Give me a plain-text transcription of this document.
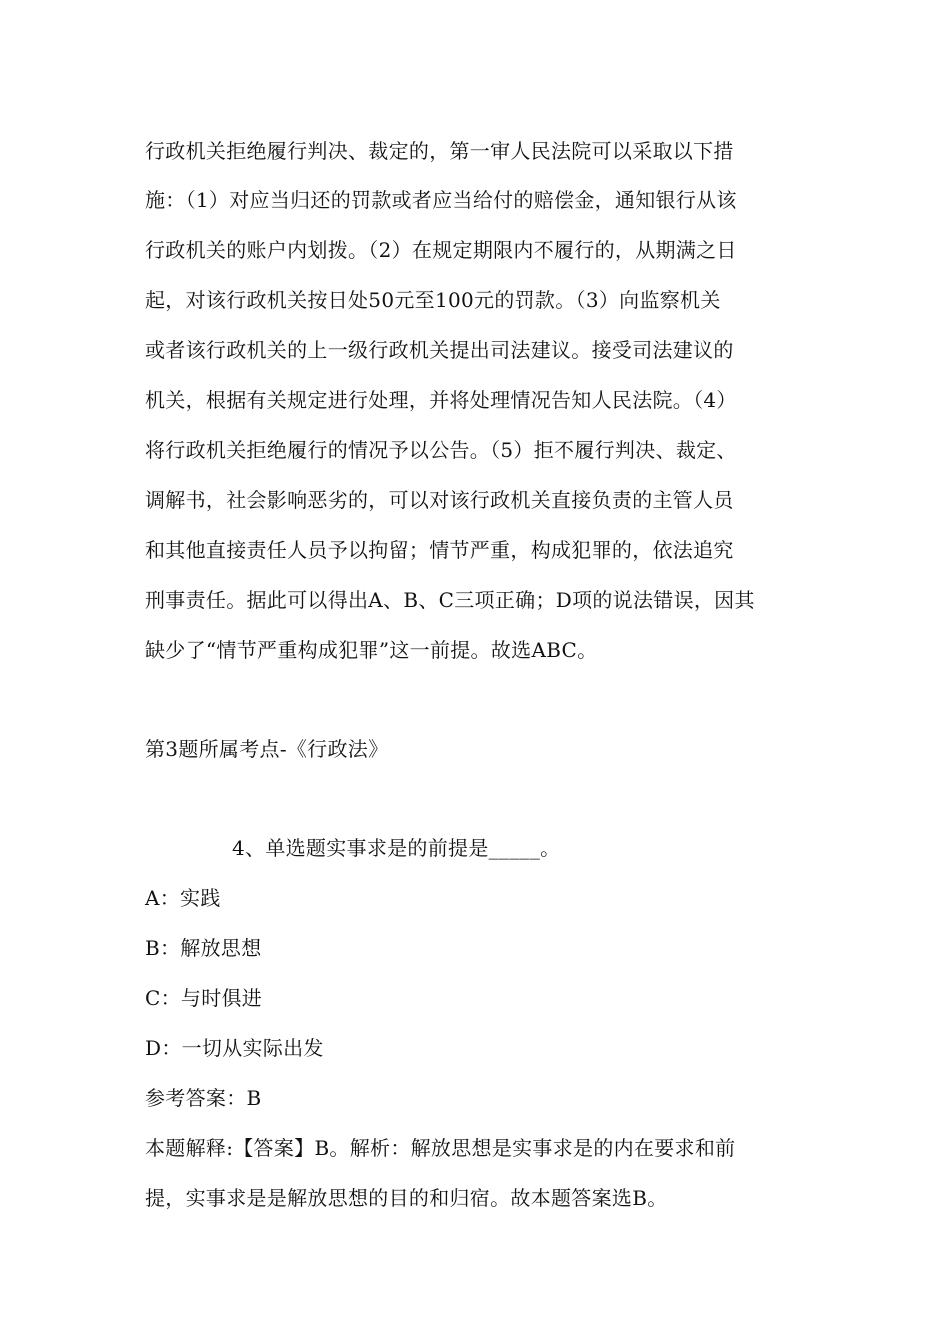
行政机关拒绝履行判决、裁定的，第一审人民法院可以采取以下措
施：（1）对应当归还的罚款或者应当给付的赔偿金，通知银行从该
行政机关的账户内划拨。（2）在规定期限内不履行的，从期满之日
起，对该行政机关按日处50元至100元的罚款。（3）向监察机关
或者该行政机关的上一级行政机关提出司法建议。接受司法建议的
机关，根据有关规定进行处理，并将处理情况告知人民法院。（4）
将行政机关拒绝履行的情况予以公告。（5）拒不履行判决、裁定、
调解书，社会影响恶劣的，可以对该行政机关直接负责的主管人员
和其他直接责任人员予以拘留；情节严重，构成犯罪的，依法追究
刑事责任。据此可以得出A、B、C三项正确；D项的说法错误，因其
缺少了“情节严重构成犯罪”这一前提。故选ABC。
第3题所属考点-《行政法》
4、单选题实事求是的前提是_____。
A：实践
B：解放思想
C：与时俱进
D：一切从实际出发
参考答案：B
本题解释:【答案】B。解析：解放思想是实事求是的内在要求和前
提，实事求是是解放思想的目的和归宿。故本题答案选B。
